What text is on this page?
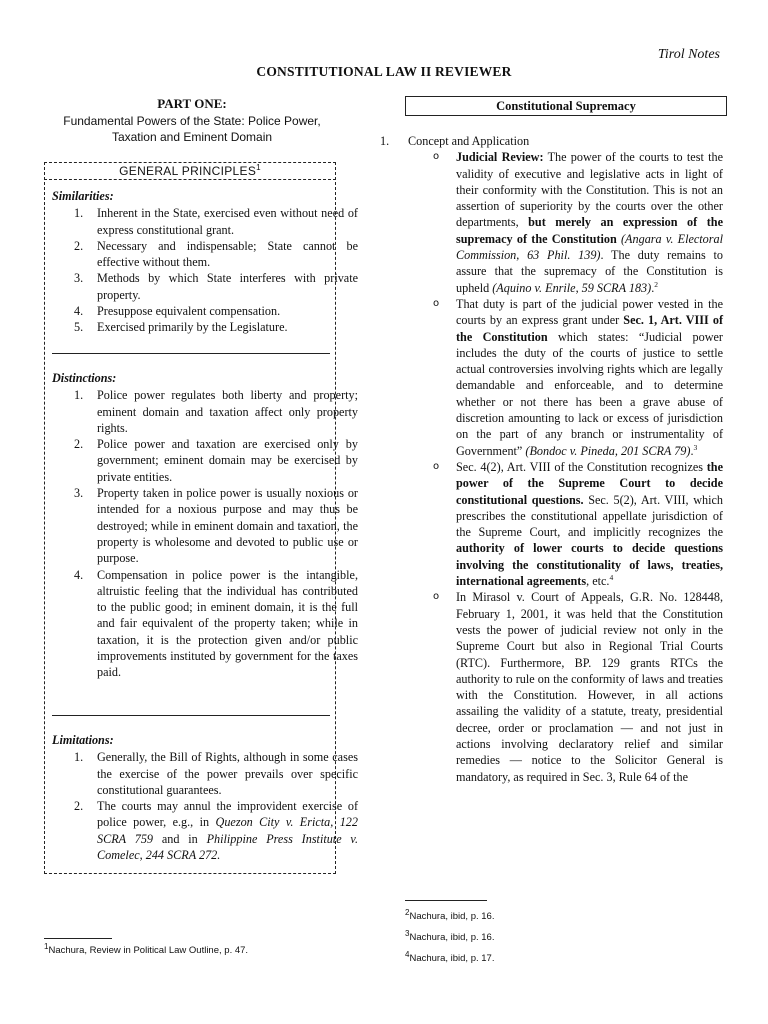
Tirol Notes
CONSTITUTIONAL LAW II REVIEWER

PART ONE:

Fundamental Powers of the State: Police Power,
Taxation and Eminent Domain

GENERAL PRINCIPLES$^1$

Similarities:

1. Inherent in the State, exercised even without need of express constitutional grant.
2. Necessary and indispensable; State cannot be effective without them.
3. Methods by which State interferes with private property.
4. Presuppose equivalent compensation.
5. Exercised primarily by the Legislature.

Distinctions:

1. Police power regulates both liberty and property; eminent domain and taxation affect only property rights.
2. Police power and taxation are exercised only by government; eminent domain may be exercised by private entities.
3. Property taken in police power is usually noxious or intended for a noxious purpose and may thus be destroyed; while in eminent domain and taxation, the property is wholesome and devoted to public use or purpose.
4. Compensation in police power is the intangible, altruistic feeling that the individual has contributed to the public good; in eminent domain, it is the full and fair equivalent of the property taken; while in taxation, it is the protection given and/or public improvements instituted by government for the taxes paid.

Limitations:

1. Generally, the Bill of Rights, although in some cases the exercise of the power prevails over specific constitutional guarantees.
2. The courts may annul the improvident exercise of police power, e.g., in Quezon City v. Ericta, 122 SCRA 759 and in Philippine Press Institute v. Comelec, 244 SCRA 272.
Constitutional Supremacy

1. Concept and Application

o Judicial Review: The power of the courts to test the validity of executive and legislative acts in light of their conformity with the Constitution. This is not an assertion of superiority by the courts over the other departments, but merely an expression of the supremacy of the Constitution (Angara v. Electoral Commission, 63 Phil. 139). The duty remains to assure that the supremacy of the Constitution is upheld (Aquino v. Enrile, 59 SCRA 183).$^2$
o That duty is part of the judicial power vested in the courts by an express grant under Sec. 1, Art. VIII of the Constitution which states: “Judicial power includes the duty of the courts of justice to settle actual controversies involving rights which are legally demandable and enforceable, and to determine whether or not there has been a grave abuse of discretion amounting to lack or excess of jurisdiction on the part of any branch or instrumentality of Government” (Bondoc v. Pineda, 201 SCRA 79).$^3$
o Sec. 4(2), Art. VIII of the Constitution recognizes the power of the Supreme Court to decide constitutional questions. Sec. 5(2), Art. VIII, which prescribes the constitutional appellate jurisdiction of the Supreme Court, and implicitly recognizes the authority of lower courts to decide questions involving the constitutionality of laws, treaties, international agreements, etc.$^4$
o In Mirasol v. Court of Appeals, G.R. No. 128448, February 1, 2001, it was held that the Constitution vests the power of judicial review not only in the Supreme Court but also in Regional Trial Courts (RTC). Furthermore, BP. 129 grants RTCs the authority to rule on the conformity of laws and treaties with the Constitution. However, in all actions assailing the validity of a statute, treaty, presidential decree, order or proclamation — and not just in actions involving declaratory relief and similar remedies — notice to the Solicitor General is mandatory, as required in Sec. 3, Rule 64 of the
$^2$Nachura, ibid, p. 16.
$^3$Nachura, ibid, p. 16.
$^4$Nachura, ibid, p. 17.
$^1$Nachura, Review in Political Law Outline, p. 47.
